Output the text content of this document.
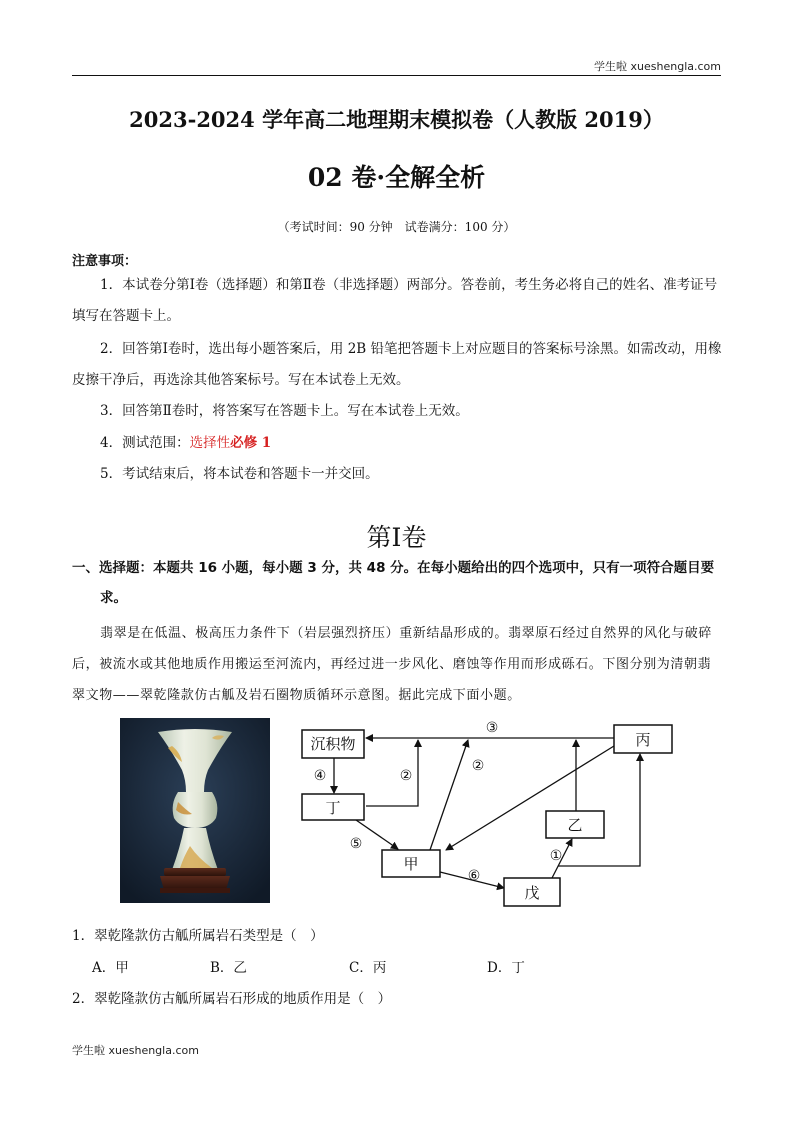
学生啦 xueshengla.com
2023-2024 学年高二地理期末模拟卷（人教版 2019）
02 卷·全解全析
（考试时间：90 分钟　试卷满分：100 分）
注意事项：
1．本试卷分第Ⅰ卷（选择题）和第Ⅱ卷（非选择题）两部分。答卷前，考生务必将自己的姓名、准考证号填写在答题卡上。
2．回答第Ⅰ卷时，选出每小题答案后，用 2B 铅笔把答题卡上对应题目的答案标号涂黑。如需改动，用橡皮擦干净后，再选涂其他答案标号。写在本试卷上无效。
3．回答第Ⅱ卷时，将答案写在答题卡上。写在本试卷上无效。
4．测试范围：选择性必修 1
5．考试结束后，将本试卷和答题卡一并交回。
第Ⅰ卷
一、选择题：本题共 16 小题，每小题 3 分，共 48 分。在每小题给出的四个选项中，只有一项符合题目要
求。
翡翠是在低温、极高压力条件下（岩层强烈挤压）重新结晶形成的。翡翠原石经过自然界的风化与破碎后，被流水或其他地质作用搬运至河流内，再经过进一步风化、磨蚀等作用而形成砾石。下图分别为清朝翡翠文物——翠乾隆款仿古觚及岩石圈物质循环示意图。据此完成下面小题。
沉积物
丁
甲
乙
丙
戊
③
④	②
②
⑤
⑥
①
1．翠乾隆款仿古觚所属岩石类型是（　）
A．甲	B．乙	C．丙	D．丁
2．翠乾隆款仿古觚所属岩石形成的地质作用是（　）
学生啦 xueshengla.com
